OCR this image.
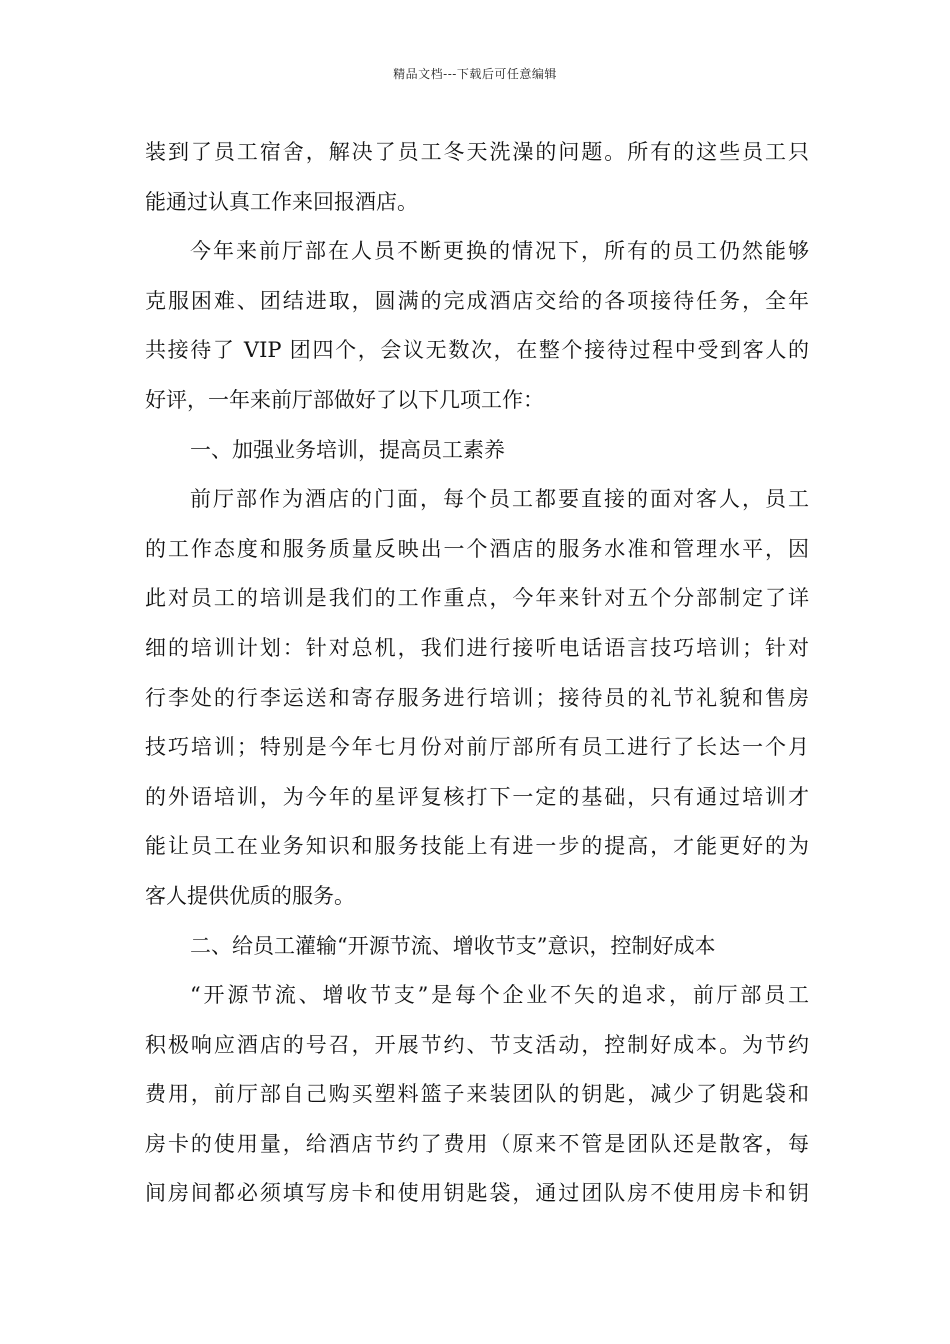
精品文档---下载后可任意编辑
装到了员工宿舍，解决了员工冬天洗澡的问题。所有的这些员工只
能通过认真工作来回报酒店。
今年来前厅部在人员不断更换的情况下，所有的员工仍然能够
克服困难、团结进取，圆满的完成酒店交给的各项接待任务，全年
共接待了 VIP 团四个，会议无数次，在整个接待过程中受到客人的
好评，一年来前厅部做好了以下几项工作：
一、加强业务培训，提高员工素养
前厅部作为酒店的门面，每个员工都要直接的面对客人，员工
的工作态度和服务质量反映出一个酒店的服务水准和管理水平，因
此对员工的培训是我们的工作重点，今年来针对五个分部制定了详
细的培训计划：针对总机，我们进行接听电话语言技巧培训；针对
行李处的行李运送和寄存服务进行培训；接待员的礼节礼貌和售房
技巧培训；特别是今年七月份对前厅部所有员工进行了长达一个月
的外语培训，为今年的星评复核打下一定的基础，只有通过培训才
能让员工在业务知识和服务技能上有进一步的提高，才能更好的为
客人提供优质的服务。
二、给员工灌输“开源节流、增收节支”意识，控制好成本
“开源节流、增收节支”是每个企业不矢的追求，前厅部员工
积极响应酒店的号召，开展节约、节支活动，控制好成本。为节约
费用，前厅部自己购买塑料篮子来装团队的钥匙，减少了钥匙袋和
房卡的使用量，给酒店节约了费用（原来不管是团队还是散客，每
间房间都必须填写房卡和使用钥匙袋，通过团队房不使用房卡和钥
